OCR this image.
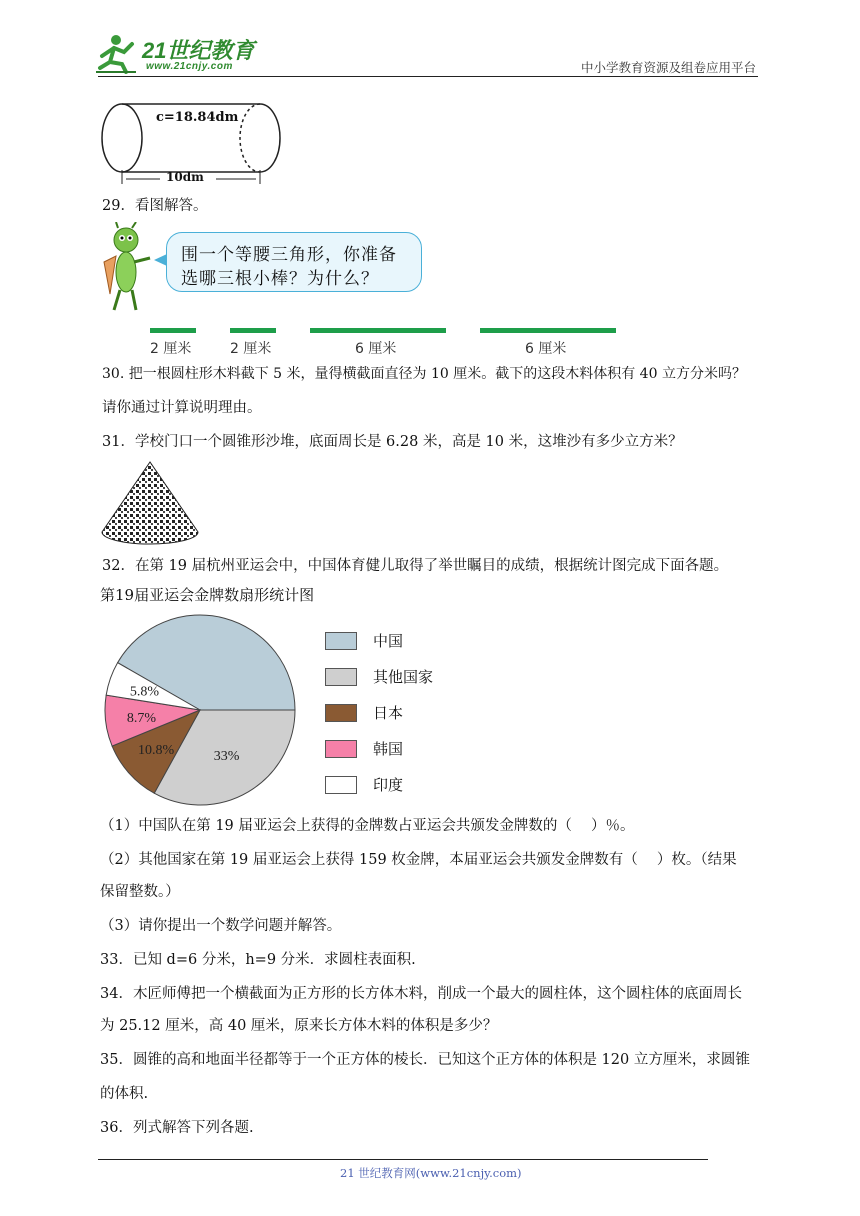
21世纪教育
www.21cnjy.com	中小学教育资源及组卷应用平台
c=18.84dm
10dm
29．看图解答。
围一个等腰三角形，你准备
选哪三根小棒？为什么？
2 厘米	2 厘米	6 厘米	6 厘米
30. 把一根圆柱形木料截下 5 米，量得横截面直径为 10 厘米。截下的这段木料体积有 40 立方分米吗？
请你通过计算说明理由。
31．学校门口一个圆锥形沙堆，底面周长是 6.28 米，高是 10 米，这堆沙有多少立方米？
32．在第 19 届杭州亚运会中，中国体育健儿取得了举世瞩目的成绩，根据统计图完成下面各题。
第19届亚运会金牌数扇形统计图
33%
10.8%
8.7%
5.8%
中国
其他国家
日本
韩国
印度
（1）中国队在第 19 届亚运会上获得的金牌数占亚运会共颁发金牌数的（　 ）％。
（2）其他国家在第 19 届亚运会上获得 159 枚金牌，本届亚运会共颁发金牌数有（　 ）枚。（结果
保留整数。）
（3）请你提出一个数学问题并解答。
33．已知 d=6 分米，h=9 分米．求圆柱表面积.
34．木匠师傅把一个横截面为正方形的长方体木料，削成一个最大的圆柱体，这个圆柱体的底面周长
为 25.12 厘米，高 40 厘米，原来长方体木料的体积是多少？
35．圆锥的高和地面半径都等于一个正方体的棱长．已知这个正方体的体积是 120 立方厘米，求圆锥
的体积.
36．列式解答下列各题.
21 世纪教育网(www.21cnjy.com)
